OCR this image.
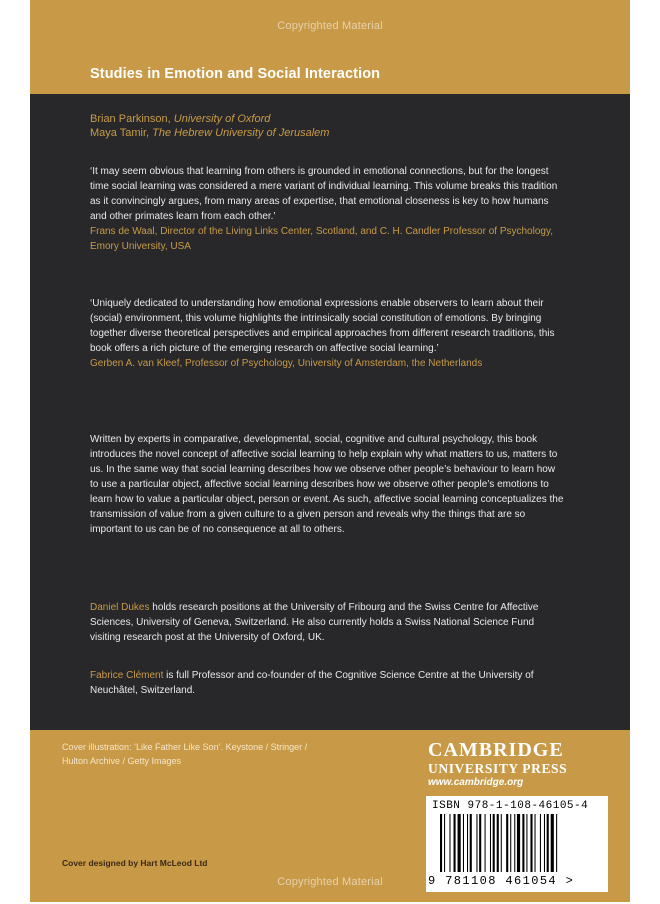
Copyrighted Material
Studies in Emotion and Social Interaction
Brian Parkinson, University of Oxford
Maya Tamir, The Hebrew University of Jerusalem
‘It may seem obvious that learning from others is grounded in emotional connections, but for the longest time social learning was considered a mere variant of individual learning. This volume breaks this tradition as it convincingly argues, from many areas of expertise, that emotional closeness is key to how humans and other primates learn from each other.’
Frans de Waal, Director of the Living Links Center, Scotland, and C. H. Candler Professor of Psychology, Emory University, USA
‘Uniquely dedicated to understanding how emotional expressions enable observers to learn about their (social) environment, this volume highlights the intrinsically social constitution of emotions. By bringing together diverse theoretical perspectives and empirical approaches from different research traditions, this book offers a rich picture of the emerging research on affective social learning.’
Gerben A. van Kleef, Professor of Psychology, University of Amsterdam, the Netherlands
Written by experts in comparative, developmental, social, cognitive and cultural psychology, this book introduces the novel concept of affective social learning to help explain why what matters to us, matters to us. In the same way that social learning describes how we observe other people’s behaviour to learn how to use a particular object, affective social learning describes how we observe other people’s emotions to learn how to value a particular object, person or event. As such, affective social learning conceptualizes the transmission of value from a given culture to a given person and reveals why the things that are so important to us can be of no consequence at all to others.
Daniel Dukes holds research positions at the University of Fribourg and the Swiss Centre for Affective Sciences, University of Geneva, Switzerland. He also currently holds a Swiss National Science Fund visiting research post at the University of Oxford, UK.
Fabrice Clément is full Professor and co-founder of the Cognitive Science Centre at the University of Neuchâtel, Switzerland.
Cover illustration: ‘Like Father Like Son’. Keystone / Stringer /
Hulton Archive / Getty Images
Cover designed by Hart McLeod Ltd
Copyrighted Material
CAMBRIDGE
UNIVERSITY PRESS
www.cambridge.org
ISBN 978-1-108-46105-4
9 781108 461054 >
